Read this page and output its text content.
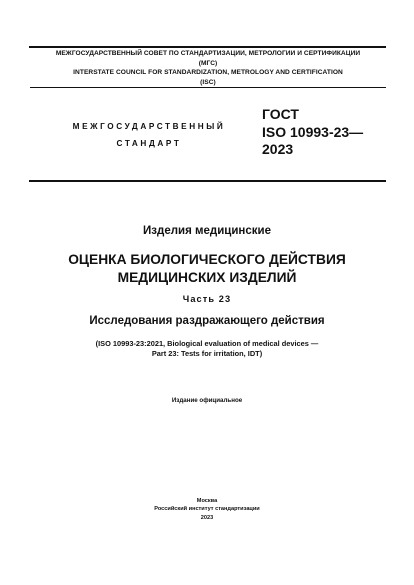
МЕЖГОСУДАРСТВЕННЫЙ СОВЕТ ПО СТАНДАРТИЗАЦИИ, МЕТРОЛОГИИ И СЕРТИФИКАЦИИ
(МГС)
INTERSTATE COUNCIL FOR STANDARDIZATION, METROLOGY AND CERTIFICATION
(ISC)
МЕЖГОСУДАРСТВЕННЫЙ
СТАНДАРТ
ГОСТ
ISO 10993-23—
2023
Изделия медицинские
ОЦЕНКА БИОЛОГИЧЕСКОГО ДЕЙСТВИЯ
МЕДИЦИНСКИХ ИЗДЕЛИЙ
Часть 23
Исследования раздражающего действия
(ISO 10993-23:2021, Biological evaluation of medical devices —
Part 23: Tests for irritation, IDT)
Издание официальное
Москва
Российский институт стандартизации
2023
